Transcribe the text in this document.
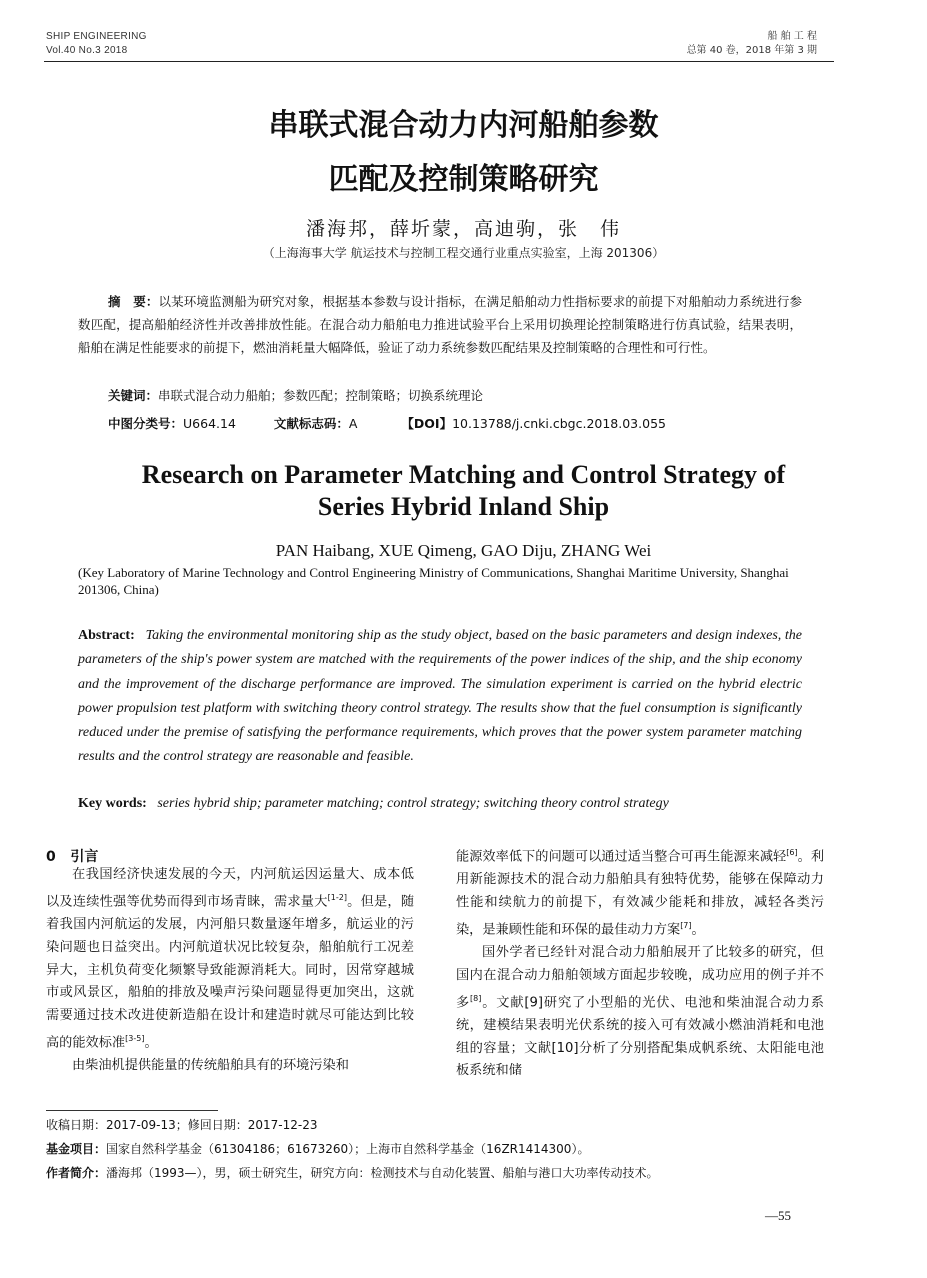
SHIP ENGINEERING
Vol.40 No.3 2018
船 舶 工 程
总第 40 卷，2018 年第 3 期
串联式混合动力内河船舶参数
匹配及控制策略研究
潘海邦，薛圻蒙，高迪驹，张　伟
（上海海事大学 航运技术与控制工程交通行业重点实验室，上海 201306）
摘　要：以某环境监测船为研究对象，根据基本参数与设计指标，在满足船舶动力性指标要求的前提下对船舶动力系统进行参数匹配，提高船舶经济性并改善排放性能。在混合动力船舶电力推进试验平台上采用切换理论控制策略进行仿真试验，结果表明，船舶在满足性能要求的前提下，燃油消耗量大幅降低，验证了动力系统参数匹配结果及控制策略的合理性和可行性。
关键词：串联式混合动力船舶；参数匹配；控制策略；切换系统理论
中图分类号：U664.14	文献标志码：A	【DOI】10.13788/j.cnki.cbgc.2018.03.055
Research on Parameter Matching and Control Strategy of
Series Hybrid Inland Ship
PAN Haibang, XUE Qimeng, GAO Diju, ZHANG Wei
(Key Laboratory of Marine Technology and Control Engineering Ministry of Communications, Shanghai Maritime University, Shanghai 201306, China)
Abstract: Taking the environmental monitoring ship as the study object, based on the basic parameters and design indexes, the parameters of the ship's power system are matched with the requirements of the power indices of the ship, and the ship economy and the improvement of the discharge performance are improved. The simulation experiment is carried on the hybrid electric power propulsion test platform with switching theory control strategy. The results show that the fuel consumption is significantly reduced under the premise of satisfying the performance requirements, which proves that the power system parameter matching results and the control strategy are reasonable and feasible.
Key words: series hybrid ship; parameter matching; control strategy; switching theory control strategy
0 引言

在我国经济快速发展的今天，内河航运因运量大、成本低以及连续性强等优势而得到市场青睐，需求量大[1-2]。但是，随着我国内河航运的发展，内河船只数量逐年增多，航运业的污染问题也日益突出。内河航道状况比较复杂，船舶航行工况差异大，主机负荷变化频繁导致能源消耗大。同时，因常穿越城市或风景区，船舶的排放及噪声污染问题显得更加突出，这就需要通过技术改进使新造船在设计和建造时就尽可能达到比较高的能效标准[3-5]。

由柴油机提供能量的传统船舶具有的环境污染和

能源效率低下的问题可以通过适当整合可再生能源来减轻[6]。利用新能源技术的混合动力船舶具有独特优势，能够在保障动力性能和续航力的前提下，有效减少能耗和排放，减轻各类污染，是兼顾性能和环保的最佳动力方案[7]。

国外学者已经针对混合动力船舶展开了比较多的研究，但国内在混合动力船舶领域方面起步较晚，成功应用的例子并不多[8]。文献[9]研究了小型船的光伏、电池和柴油混合动力系统，建模结果表明光伏系统的接入可有效减小燃油消耗和电池组的容量；文献[10]分析了分别搭配集成帆系统、太阳能电池板系统和储

收稿日期：2017-09-13；修回日期：2017-12-23
基金项目：国家自然科学基金（61304186；61673260）；上海市自然科学基金（16ZR1414300）。
作者简介：潘海邦（1993—），男，硕士研究生，研究方向：检测技术与自动化装置、船舶与港口大功率传动技术。
—55
